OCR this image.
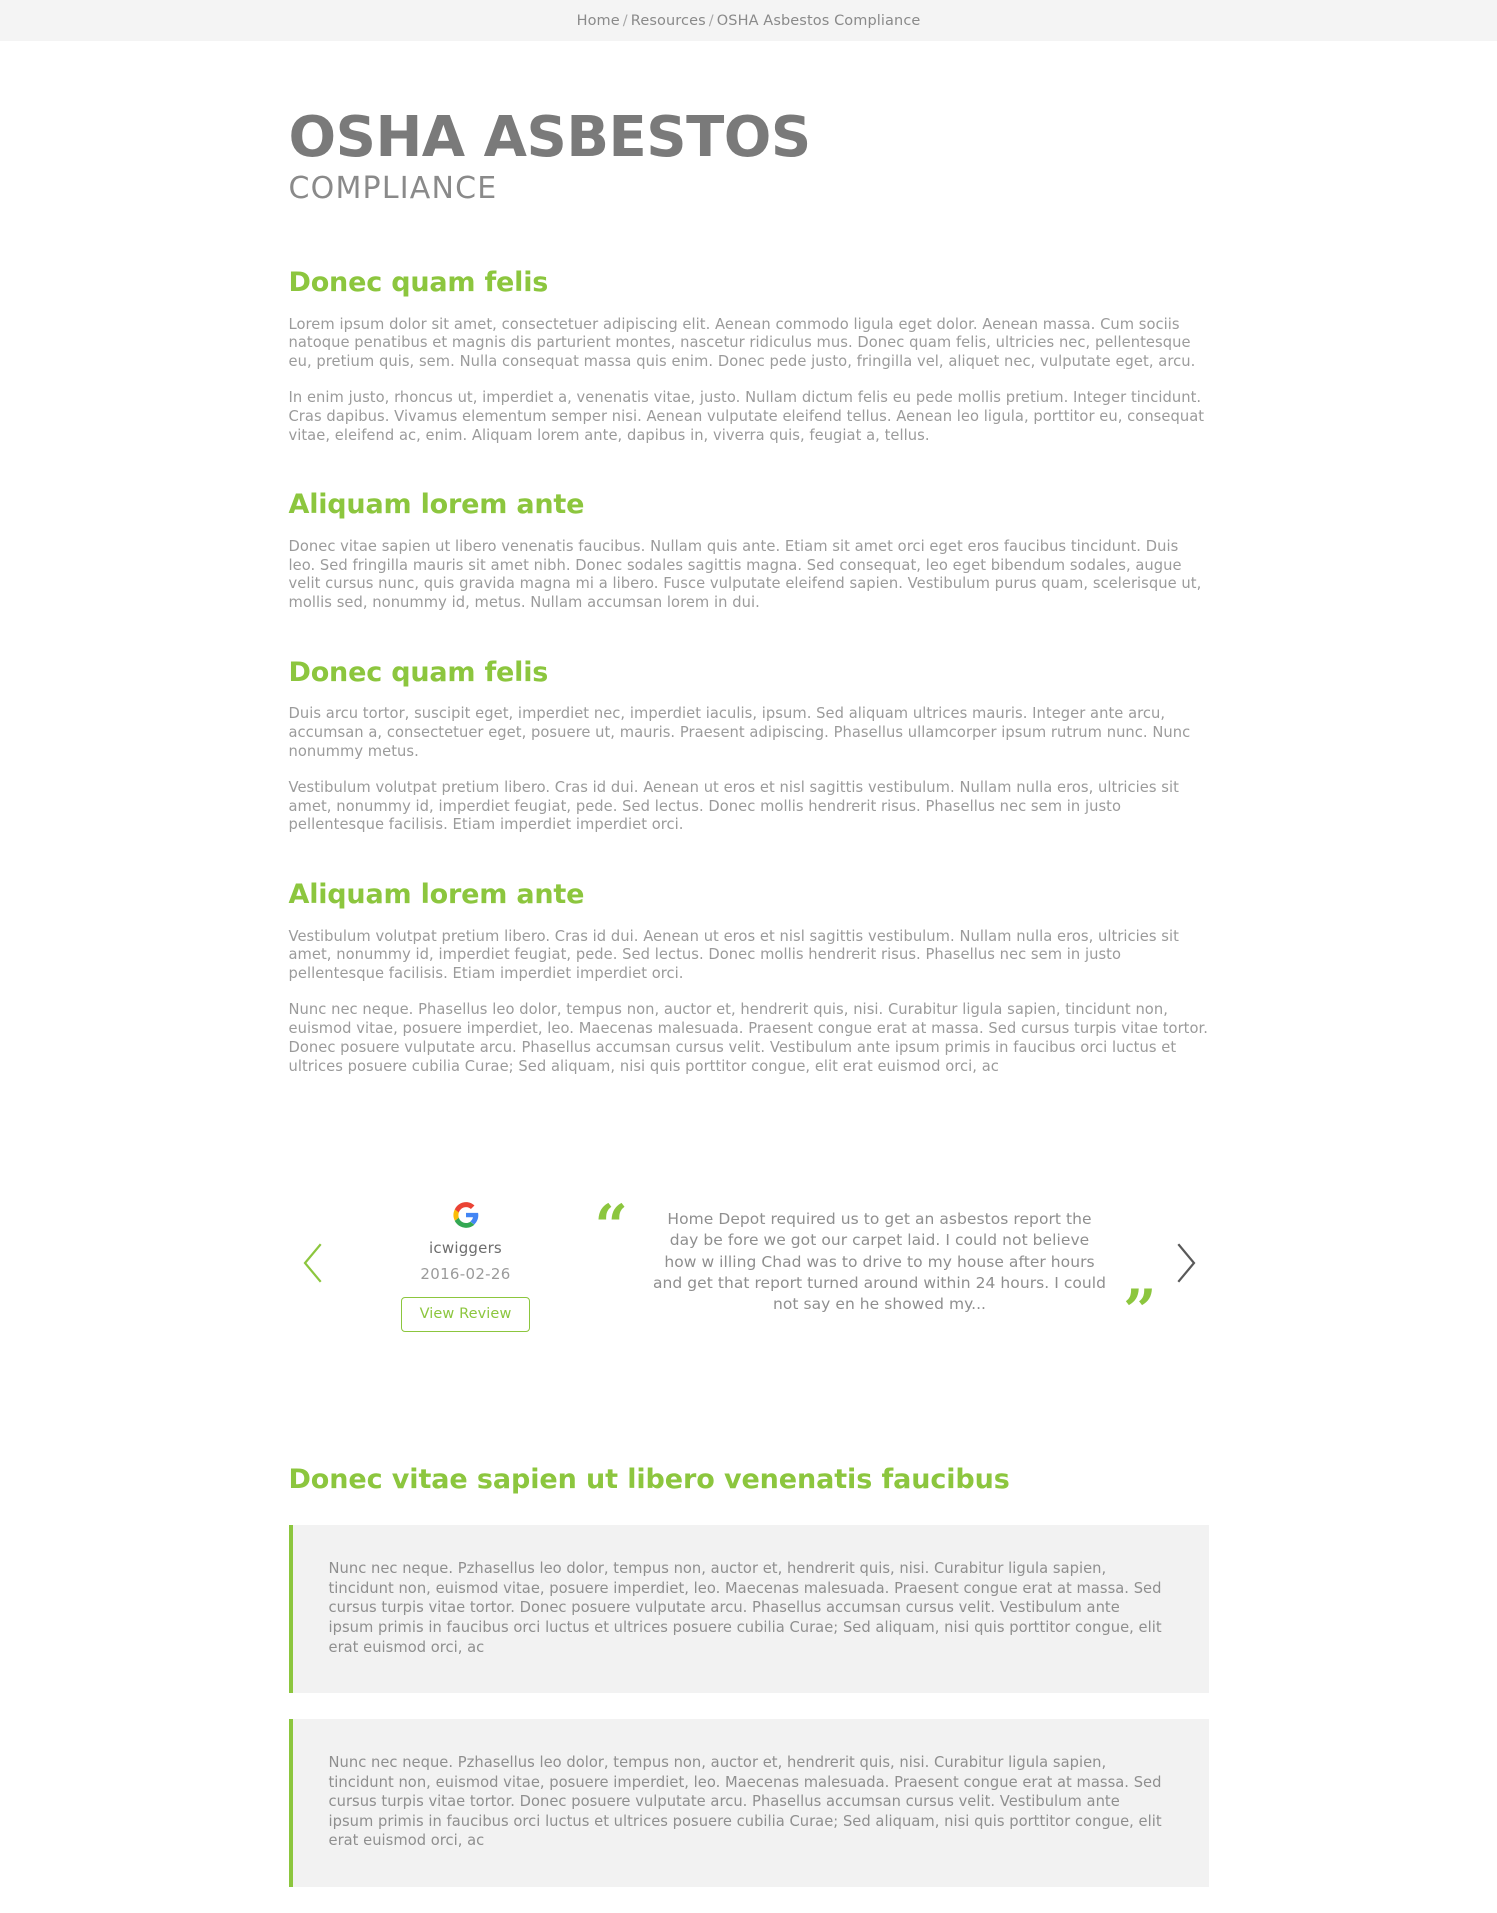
Home / Resources / OSHA Asbestos Compliance
OSHA ASBESTOS
COMPLIANCE
Donec quam felis

Lorem ipsum dolor sit amet, consectetuer adipiscing elit. Aenean commodo ligula eget dolor. Aenean massa. Cum sociis natoque penatibus et magnis dis parturient montes, nascetur ridiculus mus. Donec quam felis, ultricies nec, pellentesque eu, pretium quis, sem. Nulla consequat massa quis enim. Donec pede justo, fringilla vel, aliquet nec, vulputate eget, arcu.

In enim justo, rhoncus ut, imperdiet a, venenatis vitae, justo. Nullam dictum felis eu pede mollis pretium. Integer tincidunt. Cras dapibus. Vivamus elementum semper nisi. Aenean vulputate eleifend tellus. Aenean leo ligula, porttitor eu, consequat vitae, eleifend ac, enim. Aliquam lorem ante, dapibus in, viverra quis, feugiat a, tellus.

Aliquam lorem ante

Donec vitae sapien ut libero venenatis faucibus. Nullam quis ante. Etiam sit amet orci eget eros faucibus tincidunt. Duis leo. Sed fringilla mauris sit amet nibh. Donec sodales sagittis magna. Sed consequat, leo eget bibendum sodales, augue velit cursus nunc, quis gravida magna mi a libero. Fusce vulputate eleifend sapien. Vestibulum purus quam, scelerisque ut, mollis sed, nonummy id, metus. Nullam accumsan lorem in dui.

Donec quam felis

Duis arcu tortor, suscipit eget, imperdiet nec, imperdiet iaculis, ipsum. Sed aliquam ultrices mauris. Integer ante arcu, accumsan a, consectetuer eget, posuere ut, mauris. Praesent adipiscing. Phasellus ullamcorper ipsum rutrum nunc. Nunc nonummy metus.

Vestibulum volutpat pretium libero. Cras id dui. Aenean ut eros et nisl sagittis vestibulum. Nullam nulla eros, ultricies sit amet, nonummy id, imperdiet feugiat, pede. Sed lectus. Donec mollis hendrerit risus. Phasellus nec sem in justo pellentesque facilisis. Etiam imperdiet imperdiet orci.

Aliquam lorem ante

Vestibulum volutpat pretium libero. Cras id dui. Aenean ut eros et nisl sagittis vestibulum. Nullam nulla eros, ultricies sit amet, nonummy id, imperdiet feugiat, pede. Sed lectus. Donec mollis hendrerit risus. Phasellus nec sem in justo pellentesque facilisis. Etiam imperdiet imperdiet orci.

Nunc nec neque. Phasellus leo dolor, tempus non, auctor et, hendrerit quis, nisi. Curabitur ligula sapien, tincidunt non, euismod vitae, posuere imperdiet, leo. Maecenas malesuada. Praesent congue erat at massa. Sed cursus turpis vitae tortor. Donec posuere vulputate arcu. Phasellus accumsan cursus velit. Vestibulum ante ipsum primis in faucibus orci luctus et ultrices posuere cubilia Curae; Sed aliquam, nisi quis porttitor congue, elit erat euismod orci, ac

icwiggers
2016-02-26
View Review
“	Home Depot required us to get an asbestos report the day be fore we got our carpet laid. I could not believe how w illing Chad was to drive to my house after hours and get that report turned around within 24 hours. I could not say en he showed my...	”
Donec vitae sapien ut libero venenatis faucibus

Nunc nec neque. Pzhasellus leo dolor, tempus non, auctor et, hendrerit quis, nisi. Curabitur ligula sapien, tincidunt non, euismod vitae, posuere imperdiet, leo. Maecenas malesuada. Praesent congue erat at massa. Sed cursus turpis vitae tortor. Donec posuere vulputate arcu. Phasellus accumsan cursus velit. Vestibulum ante ipsum primis in faucibus orci luctus et ultrices posuere cubilia Curae; Sed aliquam, nisi quis porttitor congue, elit erat euismod orci, ac

Nunc nec neque. Pzhasellus leo dolor, tempus non, auctor et, hendrerit quis, nisi. Curabitur ligula sapien, tincidunt non, euismod vitae, posuere imperdiet, leo. Maecenas malesuada. Praesent congue erat at massa. Sed cursus turpis vitae tortor. Donec posuere vulputate arcu. Phasellus accumsan cursus velit. Vestibulum ante ipsum primis in faucibus orci luctus et ultrices posuere cubilia Curae; Sed aliquam, nisi quis porttitor congue, elit erat euismod orci, ac
